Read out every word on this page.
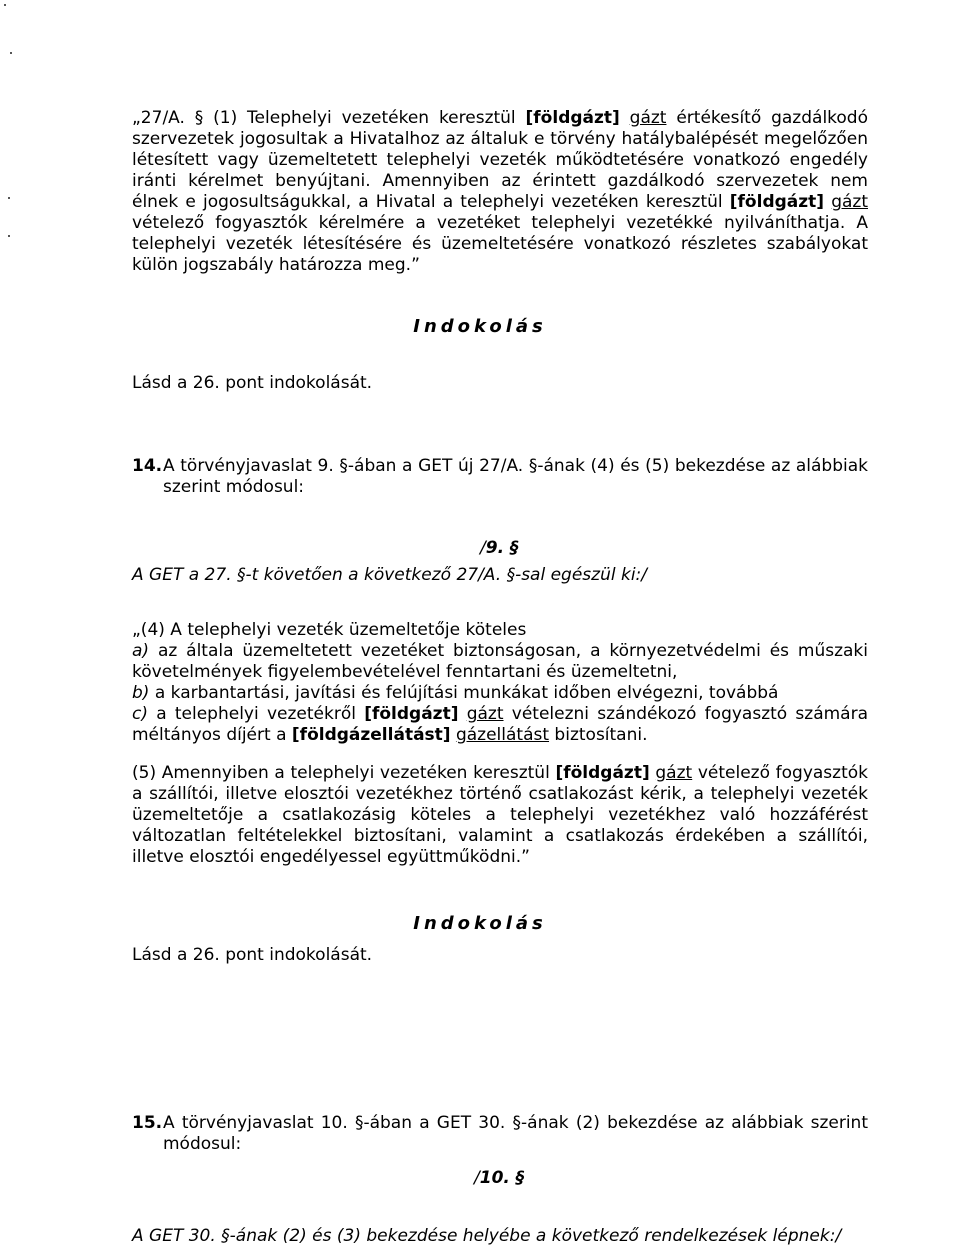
„27/A. § (1) Telephelyi vezetéken keresztül [földgázt] gázt értékesítő gazdálkodó szervezetek jogosultak a Hivatalhoz az általuk e törvény hatálybalépését megelőzően létesített vagy üzemeltetett telephelyi vezeték működtetésére vonatkozó engedély iránti kérelmet benyújtani. Amennyiben az érintett gazdálkodó szervezetek nem élnek e jogosultságukkal, a Hivatal a telephelyi vezetéken keresztül [földgázt] gázt vételező fogyasztók kérelmére a vezetéket telephelyi vezetékké nyilváníthatja. A telephelyi vezeték létesítésére és üzemeltetésére vonatkozó részletes szabályokat külön jogszabály határozza meg.”

Indokolás
Lásd a 26. pont indokolását.
14. A törvényjavaslat 9. §-ában a GET új 27/A. §-ának (4) és (5) bekezdése az alábbiak szerint módosul:
/9. §
A GET a 27. §-t követően a következő 27/A. §-sal egészül ki:/
„(4) A telephelyi vezeték üzemeltetője köteles

a) az általa üzemeltetett vezetéket biztonságosan, a környezetvédelmi és műszaki követelmények figyelembevételével fenntartani és üzemeltetni,

b) a karbantartási, javítási és felújítási munkákat időben elvégezni, továbbá

c) a telephelyi vezetékről [földgázt] gázt vételezni szándékozó fogyasztó számára méltányos díjért a [földgázellátást] gázellátást biztosítani.

(5) Amennyiben a telephelyi vezetéken keresztül [földgázt] gázt vételező fogyasztók a szállítói, illetve elosztói vezetékhez történő csatlakozást kérik, a telephelyi vezeték üzemeltetője a csatlakozásig köteles a telephelyi vezetékhez való hozzáférést változatlan feltételekkel biztosítani, valamint a csatlakozás érdekében a szállítói, illetve elosztói engedélyessel együttműködni.”

Indokolás
Lásd a 26. pont indokolását.
15. A törvényjavaslat 10. §-ában a GET 30. §-ának (2) bekezdése az alábbiak szerint módosul:
/10. §
A GET 30. §-ának (2) és (3) bekezdése helyébe a következő rendelkezések lépnek:/
